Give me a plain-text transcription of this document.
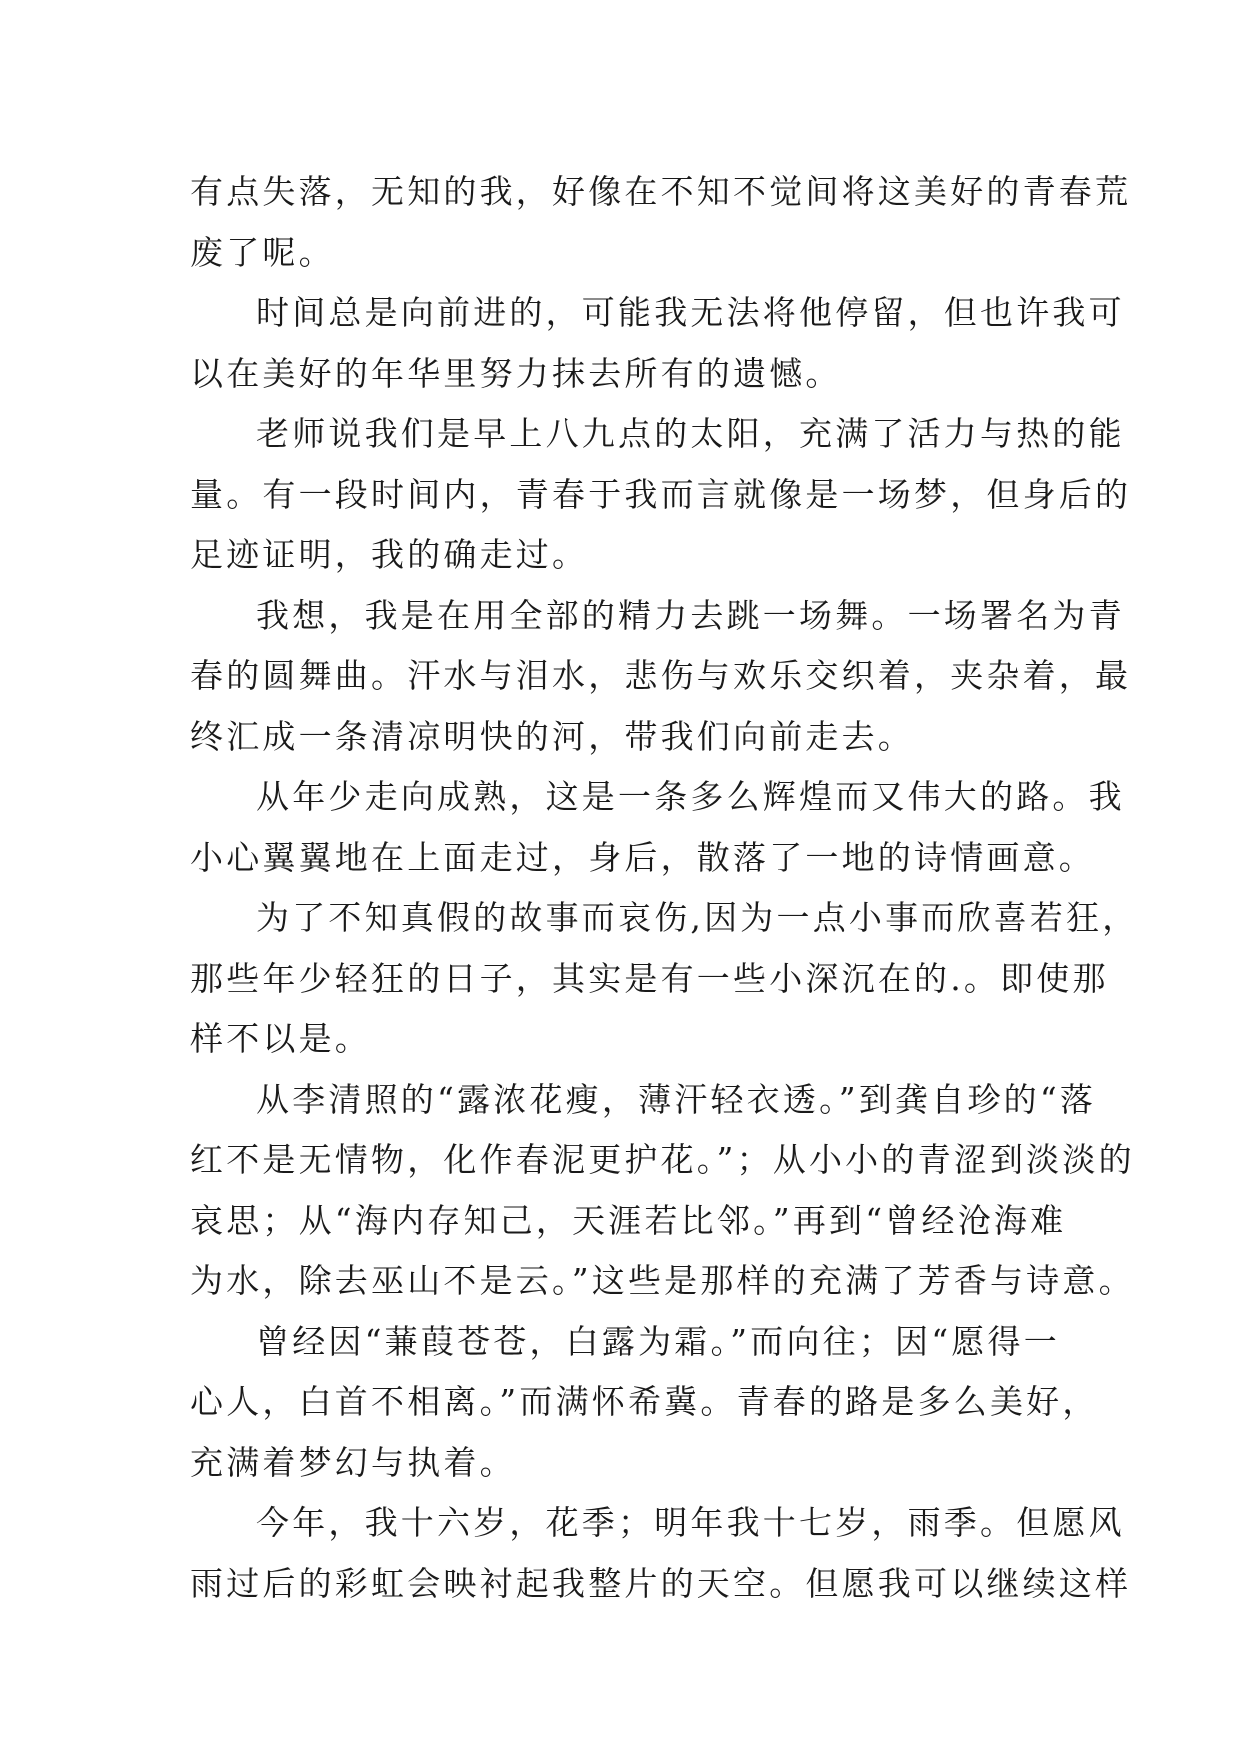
有点失落，无知的我，好像在不知不觉间将这美好的青春荒
废了呢。
时间总是向前进的，可能我无法将他停留，但也许我可
以在美好的年华里努力抹去所有的遗憾。
老师说我们是早上八九点的太阳，充满了活力与热的能
量。有一段时间内，青春于我而言就像是一场梦，但身后的
足迹证明，我的确走过。
我想，我是在用全部的精力去跳一场舞。一场署名为青
春的圆舞曲。汗水与泪水，悲伤与欢乐交织着，夹杂着，最
终汇成一条清凉明快的河，带我们向前走去。
从年少走向成熟，这是一条多么辉煌而又伟大的路。我
小心翼翼地在上面走过，身后，散落了一地的诗情画意。
为了不知真假的故事而哀伤,因为一点小事而欣喜若狂，
那些年少轻狂的日子，其实是有一些小深沉在的.。即使那
样不以是。
从李清照的“露浓花瘦，薄汗轻衣透。”到龚自珍的“落
红不是无情物，化作春泥更护花。”；从小小的青涩到淡淡的
哀思；从“海内存知己，天涯若比邻。”再到“曾经沧海难
为水，除去巫山不是云。”这些是那样的充满了芳香与诗意。
曾经因“蒹葭苍苍，白露为霜。”而向往；因“愿得一
心人，白首不相离。”而满怀希冀。青春的路是多么美好，
充满着梦幻与执着。
今年，我十六岁，花季；明年我十七岁，雨季。但愿风
雨过后的彩虹会映衬起我整片的天空。但愿我可以继续这样
